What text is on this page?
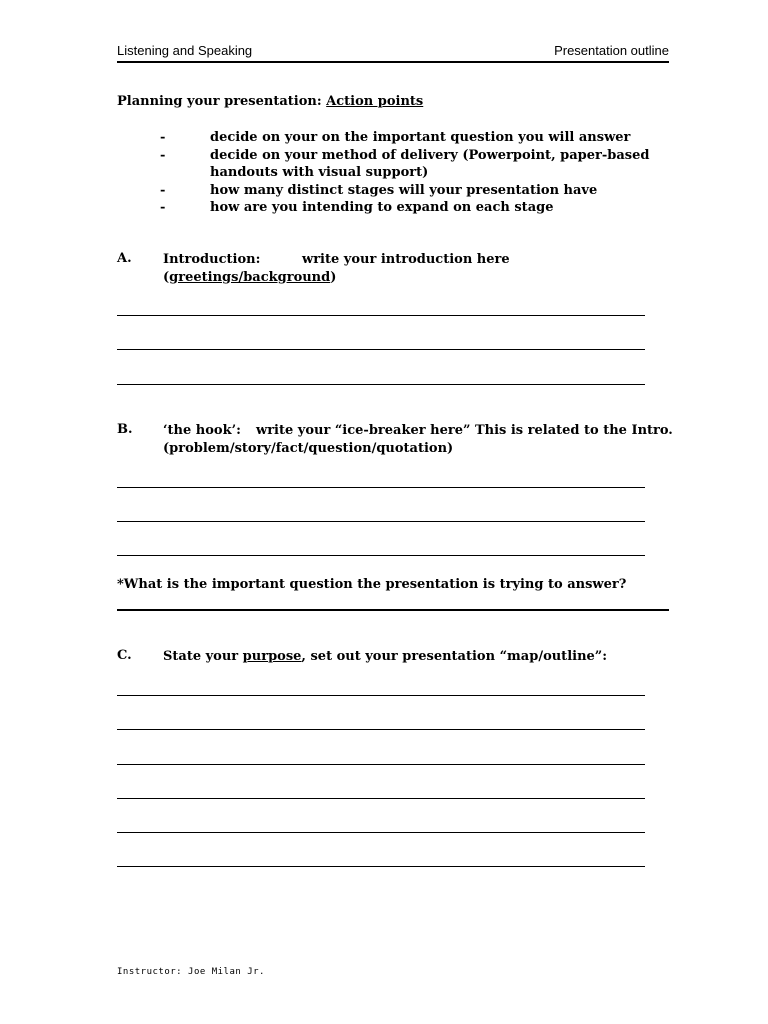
Listening and Speaking	Presentation outline
Planning your presentation: Action points
-	decide on your on the important question you will answer
-	decide on your method of delivery (Powerpoint, paper-based handouts with visual support)
-	how many distinct stages will your presentation have
-	how are you intending to expand on each stage
A. Introduction:	write your introduction here
(greetings/background)
B. ‘the hook’: write your “ice-breaker here” This is related to the Intro.
(problem/story/fact/question/quotation)
*What is the important question the presentation is trying to answer?
C. State your purpose, set out your presentation “map/outline”:
Instructor: Joe Milan Jr.
